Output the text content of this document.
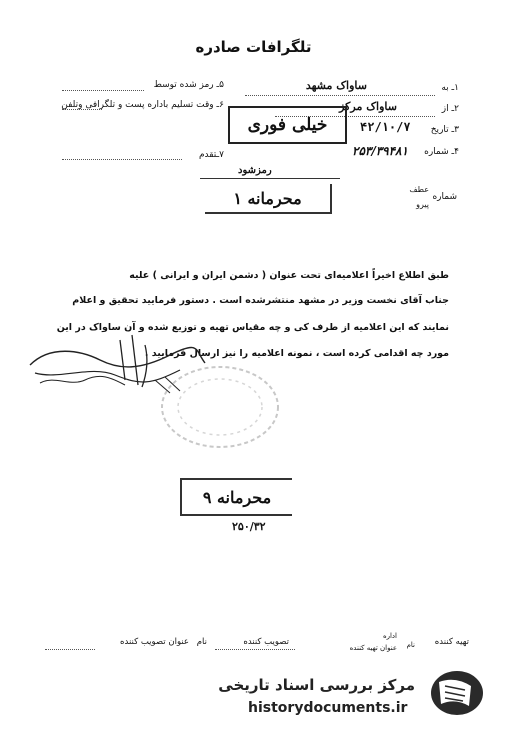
تلگرافات صادره
۱ـ به
ساواک مشهد
۲ـ از
ساواک مرکز
۳ـ تاریخ
۴۲/۱۰/۷
۴ـ شماره
۲۵۳/۳۹۴۸۱
۵ـ رمز شده توسط
۶ـ وقت تسلیم باداره پست و تلگرافی وتلفن
۷ـتقدم
خیلی فوری
رمزشود
محرمانه ۱	شماره
عطف
پیرو
طبق اطلاع اخیراً اعلامیه‌ای تحت عنوان ( دشمن ایران و ایرانی ) علیه
جناب آقای نخست وزیر در مشهد منتشرشده است . دستور فرمایید تحقیق و اعلام
نمایند که این اعلامیه از طرف کی و چه مقیاس تهیه و توزیع شده و آن ساواک در این
مورد چه اقدامی کرده است ، نمونه اعلامیه را نیز ارسال فرمایید .
محرمانه ۹
۲۵۰/۳۲
تهیه کننده
نام
اداره
عنوان تهیه کننده
تصویب کننده
نام
عنوان تصویب کننده
مرکز بررسی اسناد تاریخی
historydocuments.ir
